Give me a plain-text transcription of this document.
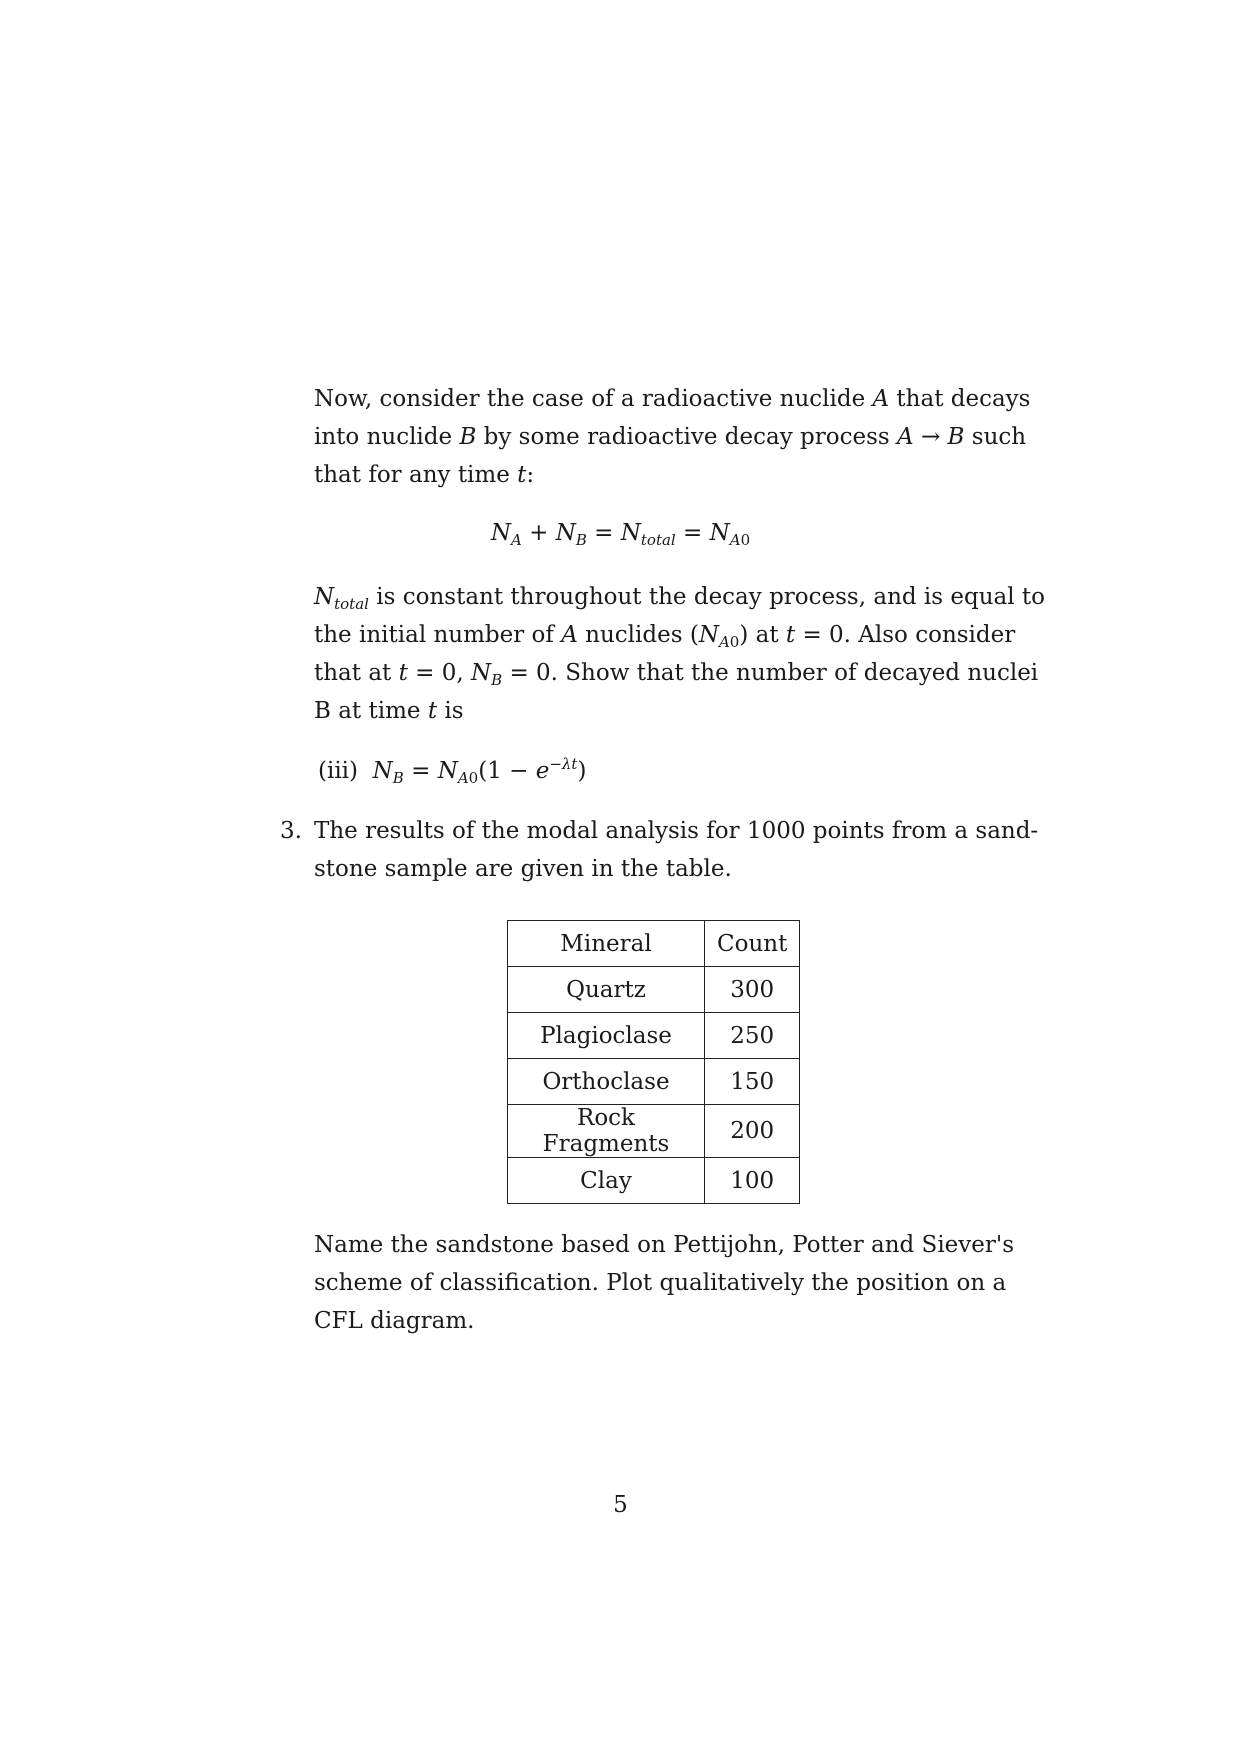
Now, consider the case of a radioactive nuclide A that decays
into nuclide B by some radioactive decay process A → B such
that for any time t:
$N_A + N_B = N_{total} = N_{A0}$
$N_{total}$ is constant throughout the decay process, and is equal to
the initial number of A nuclides $(N_{A0})$ at t = 0. Also consider
that at t = 0, $N_B = 0$. Show that the number of decayed nuclei
B at time t is
(iii) $N_B = N_{A0}(1 - e^{-\lambda t})$
3. The results of the modal analysis for 1000 points from a sand-
stone sample are given in the table.
Mineral	Count
Quartz	300
Plagioclase	250
Orthoclase	150
Rock Fragments	200
Clay	100
Name the sandstone based on Pettijohn, Potter and Siever's
scheme of classification. Plot qualitatively the position on a
CFL diagram.
5
